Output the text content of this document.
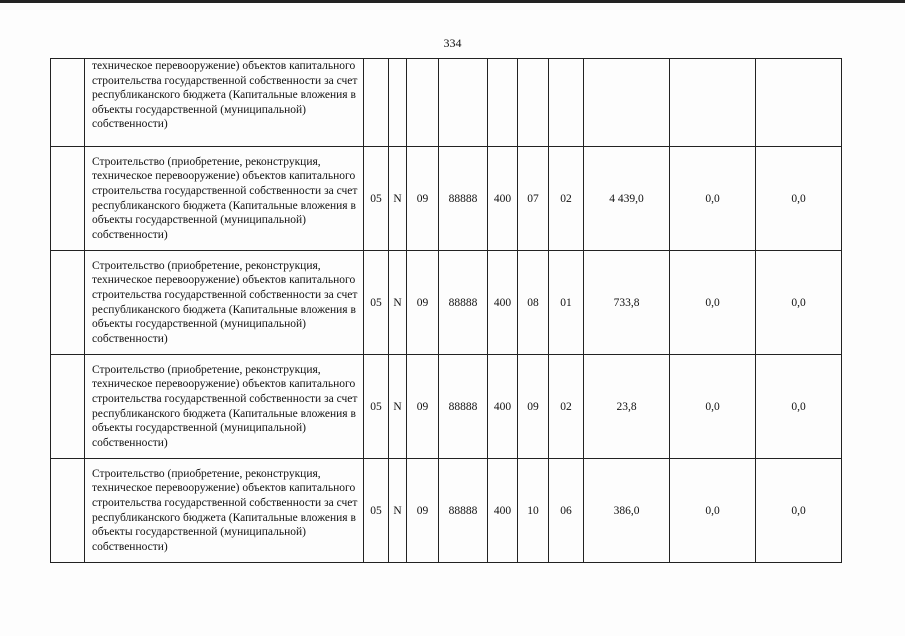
334
	техническое перевооружение) объектов капитального строительства государственной собственности за счет республиканского бюджета (Капитальные вложения в объекты государственной (муниципальной) собственности)										
	Строительство (приобретение, реконструкция, техническое перевооружение) объектов капитального строительства государственной собственности за счет республиканского бюджета (Капитальные вложения в объекты государственной (муниципальной) собственности)	05	N	09	88888	400	07	02	4 439,0	0,0	0,0
	Строительство (приобретение, реконструкция, техническое перевооружение) объектов капитального строительства государственной собственности за счет республиканского бюджета (Капитальные вложения в объекты государственной (муниципальной) собственности)	05	N	09	88888	400	08	01	733,8	0,0	0,0
	Строительство (приобретение, реконструкция, техническое перевооружение) объектов капитального строительства государственной собственности за счет республиканского бюджета (Капитальные вложения в объекты государственной (муниципальной) собственности)	05	N	09	88888	400	09	02	23,8	0,0	0,0
	Строительство (приобретение, реконструкция, техническое перевооружение) объектов капитального строительства государственной собственности за счет республиканского бюджета (Капитальные вложения в объекты государственной (муниципальной) собственности)	05	N	09	88888	400	10	06	386,0	0,0	0,0
